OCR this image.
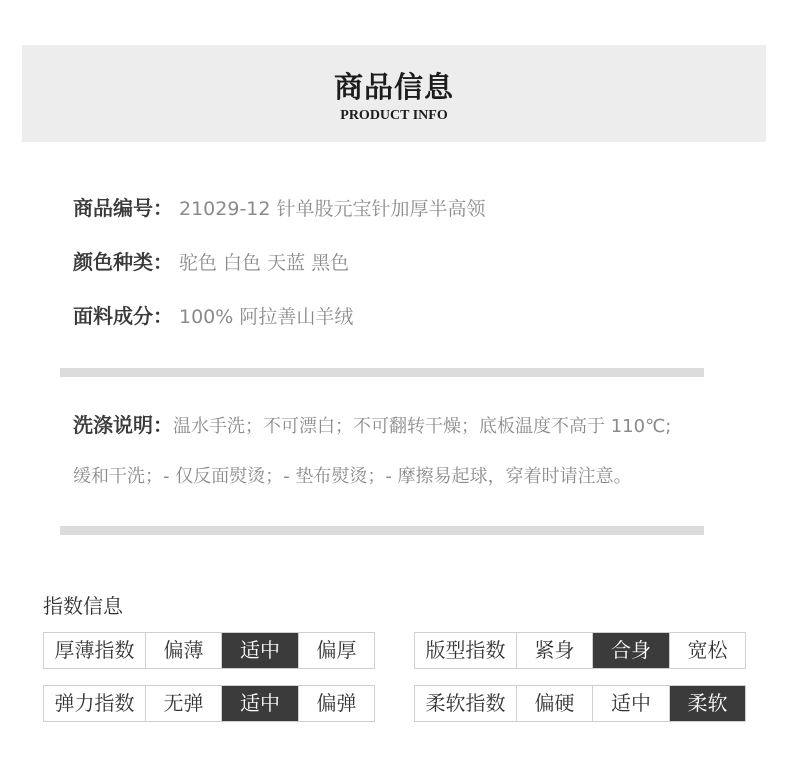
商品信息
PRODUCT INFO
商品编号： 21029-12 针单股元宝针加厚半高领
颜色种类： 驼色 白色 天蓝 黑色
面料成分： 100% 阿拉善山羊绒
洗涤说明：温水手洗；不可漂白；不可翻转干燥；底板温度不高于 110℃;
缓和干洗；- 仅反面熨烫；- 垫布熨烫；- 摩擦易起球，穿着时请注意。
指数信息
厚薄指数	偏薄	适中	偏厚	版型指数	紧身	合身	宽松
弹力指数	无弹	适中	偏弹	柔软指数	偏硬	适中	柔软
